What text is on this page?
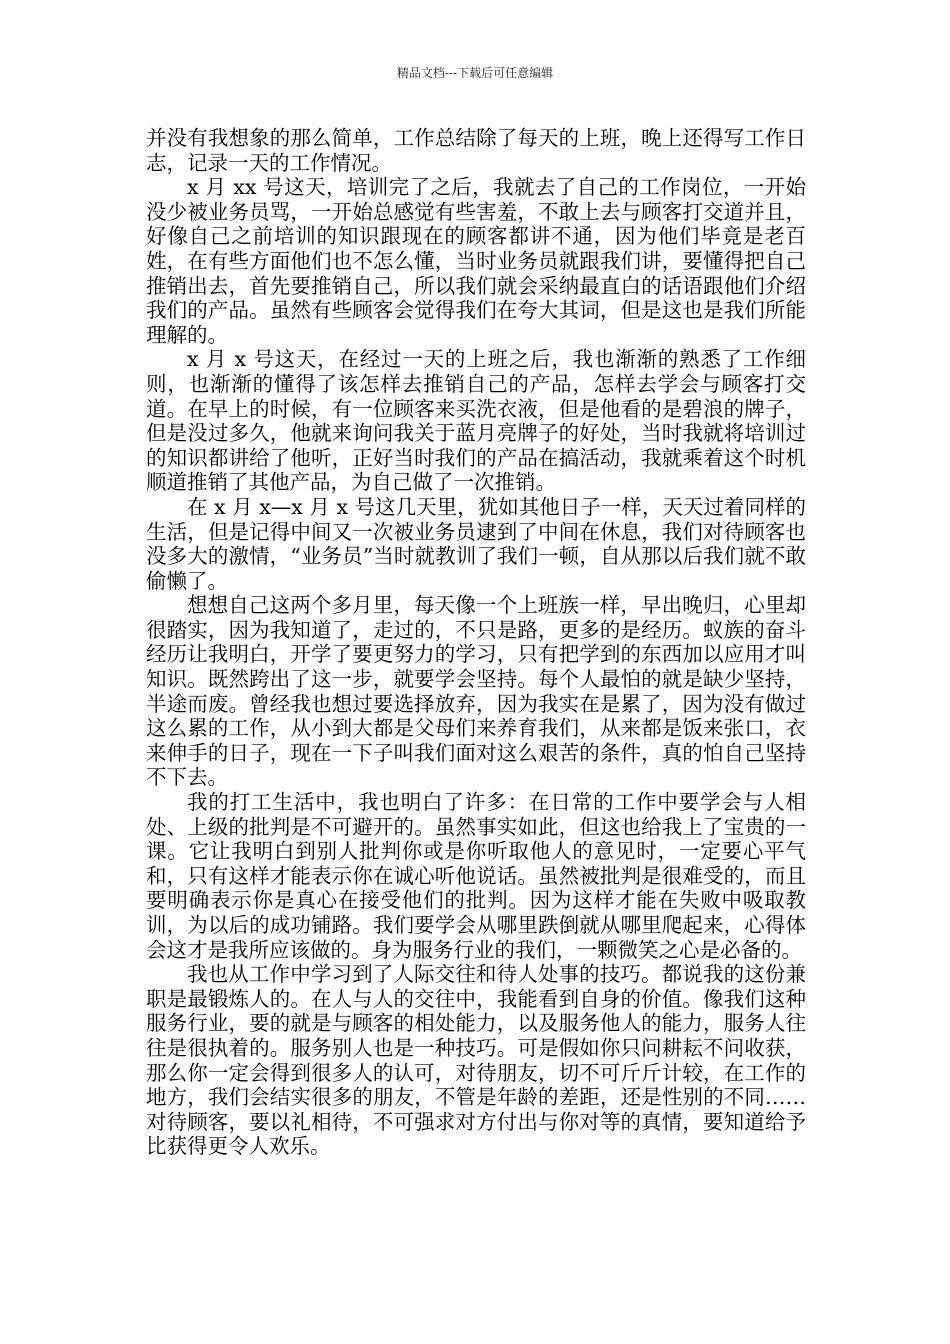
精品文档---下载后可任意编辑

并没有我想象的那么简单，工作总结除了每天的上班，晚上还得写工作日志，记录一天的工作情况。

x 月 xx 号这天，培训完了之后，我就去了自己的工作岗位，一开始没少被业务员骂，一开始总感觉有些害羞，不敢上去与顾客打交道并且，好像自己之前培训的知识跟现在的顾客都讲不通，因为他们毕竟是老百姓，在有些方面他们也不怎么懂，当时业务员就跟我们讲，要懂得把自己推销出去，首先要推销自己，所以我们就会采纳最直白的话语跟他们介绍我们的产品。虽然有些顾客会觉得我们在夸大其词，但是这也是我们所能理解的。

x 月 x 号这天，在经过一天的上班之后，我也渐渐的熟悉了工作细则，也渐渐的懂得了该怎样去推销自己的产品，怎样去学会与顾客打交道。在早上的时候，有一位顾客来买洗衣液，但是他看的是碧浪的牌子，但是没过多久，他就来询问我关于蓝月亮牌子的好处，当时我就将培训过的知识都讲给了他听，正好当时我们的产品在搞活动，我就乘着这个时机顺道推销了其他产品，为自己做了一次推销。

在 x 月 x—x 月 x 号这几天里，犹如其他日子一样，天天过着同样的生活，但是记得中间又一次被业务员逮到了中间在休息，我们对待顾客也没多大的激情，“业务员”当时就教训了我们一顿，自从那以后我们就不敢偷懒了。

想想自己这两个多月里，每天像一个上班族一样，早出晚归，心里却很踏实，因为我知道了，走过的，不只是路，更多的是经历。蚁族的奋斗经历让我明白，开学了要更努力的学习，只有把学到的东西加以应用才叫知识。既然跨出了这一步，就要学会坚持。每个人最怕的就是缺少坚持，半途而废。曾经我也想过要选择放弃，因为我实在是累了，因为没有做过这么累的工作，从小到大都是父母们来养育我们，从来都是饭来张口，衣来伸手的日子，现在一下子叫我们面对这么艰苦的条件，真的怕自己坚持不下去。

我的打工生活中，我也明白了许多：在日常的工作中要学会与人相处、上级的批判是不可避开的。虽然事实如此，但这也给我上了宝贵的一课。它让我明白到别人批判你或是你听取他人的意见时，一定要心平气和，只有这样才能表示你在诚心听他说话。虽然被批判是很难受的，而且要明确表示你是真心在接受他们的批判。因为这样才能在失败中吸取教训，为以后的成功铺路。我们要学会从哪里跌倒就从哪里爬起来，心得体会这才是我所应该做的。身为服务行业的我们，一颗微笑之心是必备的。

我也从工作中学习到了人际交往和待人处事的技巧。都说我的这份兼职是最锻炼人的。在人与人的交往中，我能看到自身的价值。像我们这种服务行业，要的就是与顾客的相处能力，以及服务他人的能力，服务人往往是很执着的。服务别人也是一种技巧。可是假如你只问耕耘不问收获，那么你一定会得到很多人的认可，对待朋友，切不可斤斤计较，在工作的地方，我们会结实很多的朋友，不管是年龄的差距，还是性别的不同……对待顾客，要以礼相待，不可强求对方付出与你对等的真情，要知道给予比获得更令人欢乐。
